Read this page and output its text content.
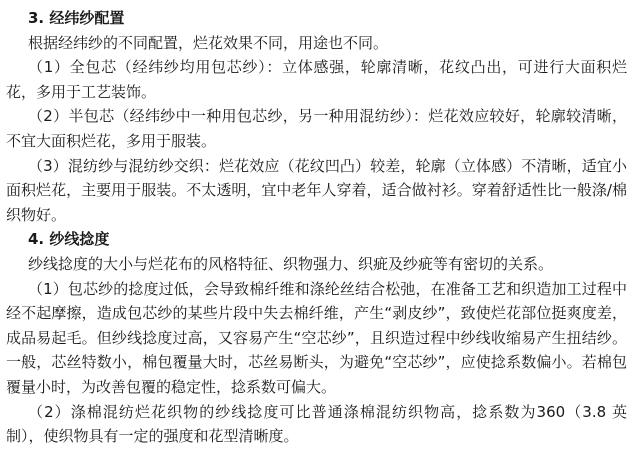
3. 经纬纱配置

根据经纬纱的不同配置，烂花效果不同，用途也不同。

（1）全包芯（经纬纱均用包芯纱）：立体感强，轮廓清晰，花纹凸出，可进行大面积烂花，多用于工艺装饰。

（2）半包芯（经纬纱中一种用包芯纱，另一种用混纺纱）：烂花效应较好，轮廓较清晰，不宜大面积烂花，多用于服装。

（3）混纺纱与混纺纱交织：烂花效应（花纹凹凸）较差，轮廓（立体感）不清晰，适宜小面积烂花，主要用于服装。不太透明，宜中老年人穿着，适合做衬衫。穿着舒适性比一般涤/棉织物好。

4. 纱线捻度

纱线捻度的大小与烂花布的风格特征、织物强力、织疵及纱疵等有密切的关系。

（1）包芯纱的捻度过低，会导致棉纤维和涤纶丝结合松弛，在准备工艺和织造加工过程中经不起摩擦，造成包芯纱的某些片段中失去棉纤维，产生“剥皮纱”，致使烂花部位挺爽度差，成品易起毛。但纱线捻度过高，又容易产生“空芯纱”，且织造过程中纱线收缩易产生扭结纱。一般，芯丝特数小，棉包覆量大时，芯丝易断头，为避免“空芯纱”，应使捻系数偏小。若棉包覆量小时，为改善包覆的稳定性，捻系数可偏大。

（2）涤棉混纺烂花织物的纱线捻度可比普通涤棉混纺织物高，捻系数为360（3.8 英制），使织物具有一定的强度和花型清晰度。
